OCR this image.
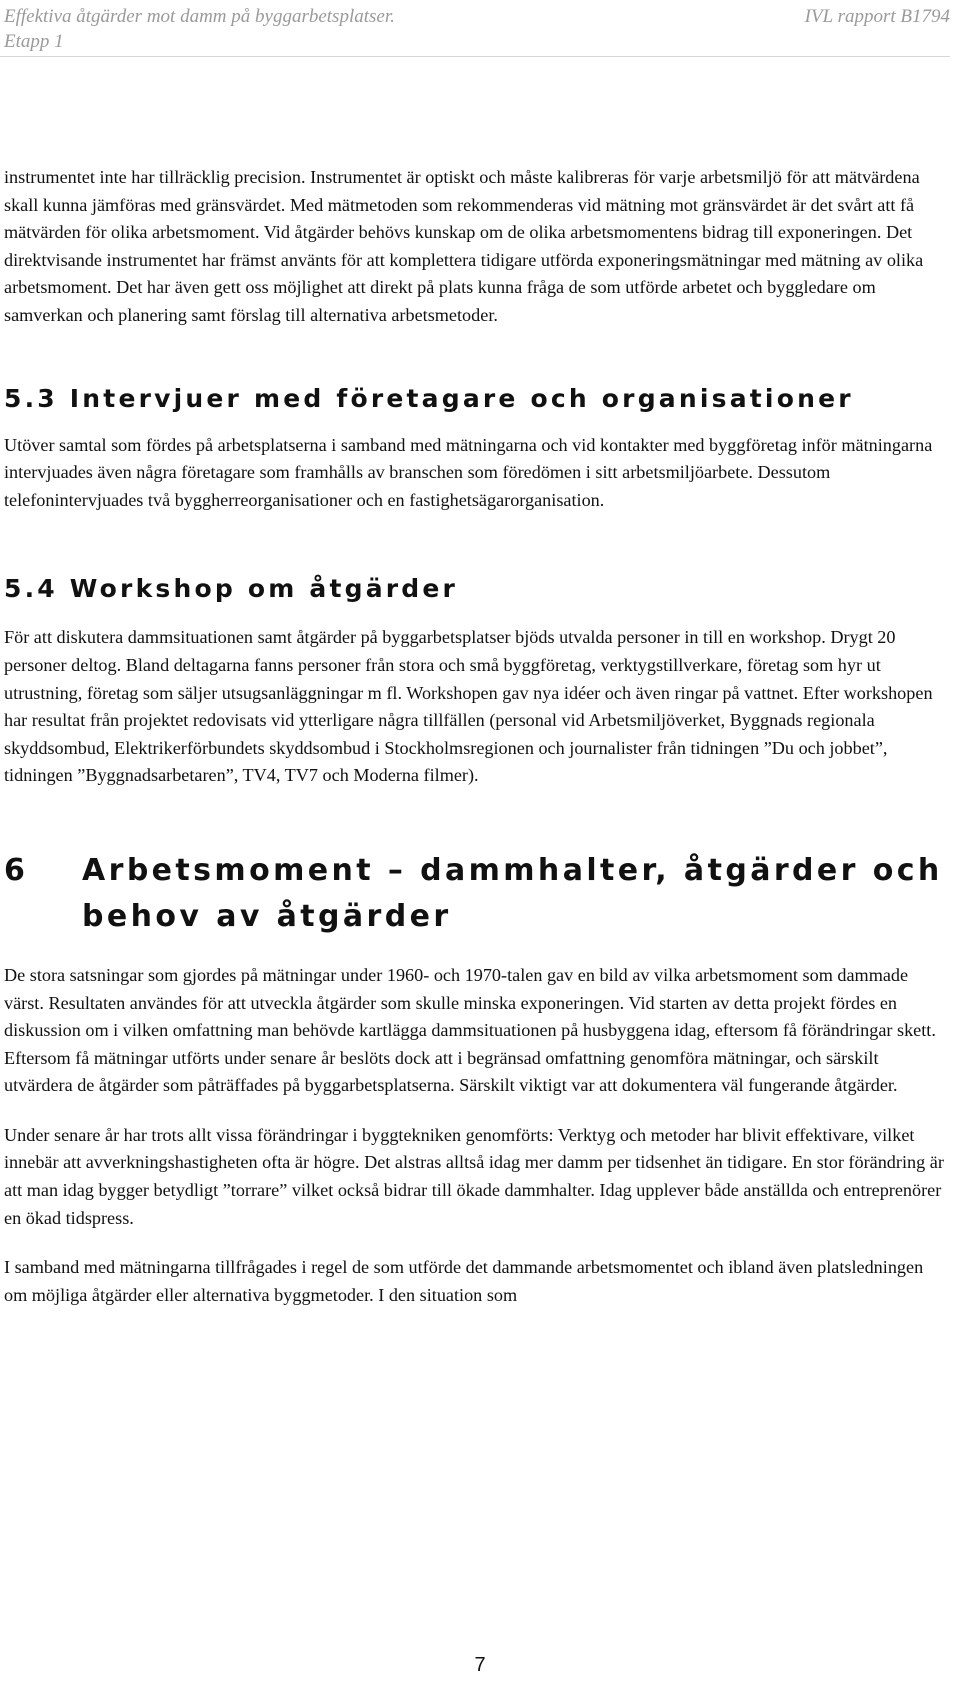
Effektiva åtgärder mot damm på byggarbetsplatser.
Etapp 1
IVL rapport B1794

instrumentet inte har tillräcklig precision. Instrumentet är optiskt och måste kalibreras för varje arbetsmiljö för att mätvärdena skall kunna jämföras med gränsvärdet. Med mätmetoden som rekommenderas vid mätning mot gränsvärdet är det svårt att få mätvärden för olika arbetsmoment. Vid åtgärder behövs kunskap om de olika arbetsmomentens bidrag till exponeringen. Det direktvisande instrumentet har främst använts för att komplettera tidigare utförda exponeringsmätningar med mätning av olika arbetsmoment. Det har även gett oss möjlighet att direkt på plats kunna fråga de som utförde arbetet och byggledare om samverkan och planering samt förslag till alternativa arbetsmetoder.

5.3 Intervjuer med företagare och organisationer

Utöver samtal som fördes på arbetsplatserna i samband med mätningarna och vid kontakter med byggföretag inför mätningarna intervjuades även några företagare som framhålls av branschen som föredömen i sitt arbetsmiljöarbete. Dessutom telefonintervjuades två byggherreorganisationer och en fastighetsägarorganisation.

5.4 Workshop om åtgärder

För att diskutera dammsituationen samt åtgärder på byggarbetsplatser bjöds utvalda personer in till en workshop. Drygt 20 personer deltog. Bland deltagarna fanns personer från stora och små byggföretag, verktygstillverkare, företag som hyr ut utrustning, företag som säljer utsugsanläggningar m fl. Workshopen gav nya idéer och även ringar på vattnet. Efter workshopen har resultat från projektet redovisats vid ytterligare några tillfällen (personal vid Arbetsmiljöverket, Byggnads regionala skyddsombud, Elektrikerförbundets skyddsombud i Stockholmsregionen och journalister från tidningen ”Du och jobbet”, tidningen ”Byggnadsarbetaren”, TV4, TV7 och Moderna filmer).

6	Arbetsmoment – dammhalter, åtgärder och behov av åtgärder

De stora satsningar som gjordes på mätningar under 1960- och 1970-talen gav en bild av vilka arbetsmoment som dammade värst. Resultaten användes för att utveckla åtgärder som skulle minska exponeringen. Vid starten av detta projekt fördes en diskussion om i vilken omfattning man behövde kartlägga dammsituationen på husbyggena idag, eftersom få förändringar skett. Eftersom få mätningar utförts under senare år beslöts dock att i begränsad omfattning genomföra mätningar, och särskilt utvärdera de åtgärder som påträffades på byggarbetsplatserna. Särskilt viktigt var att dokumentera väl fungerande åtgärder.

Under senare år har trots allt vissa förändringar i byggtekniken genomförts: Verktyg och metoder har blivit effektivare, vilket innebär att avverkningshastigheten ofta är högre. Det alstras alltså idag mer damm per tidsenhet än tidigare. En stor förändring är att man idag bygger betydligt ”torrare” vilket också bidrar till ökade dammhalter. Idag upplever både anställda och entreprenörer en ökad tidspress.

I samband med mätningarna tillfrågades i regel de som utförde det dammande arbetsmomentet och ibland även platsledningen om möjliga åtgärder eller alternativa byggmetoder. I den situation som

7
